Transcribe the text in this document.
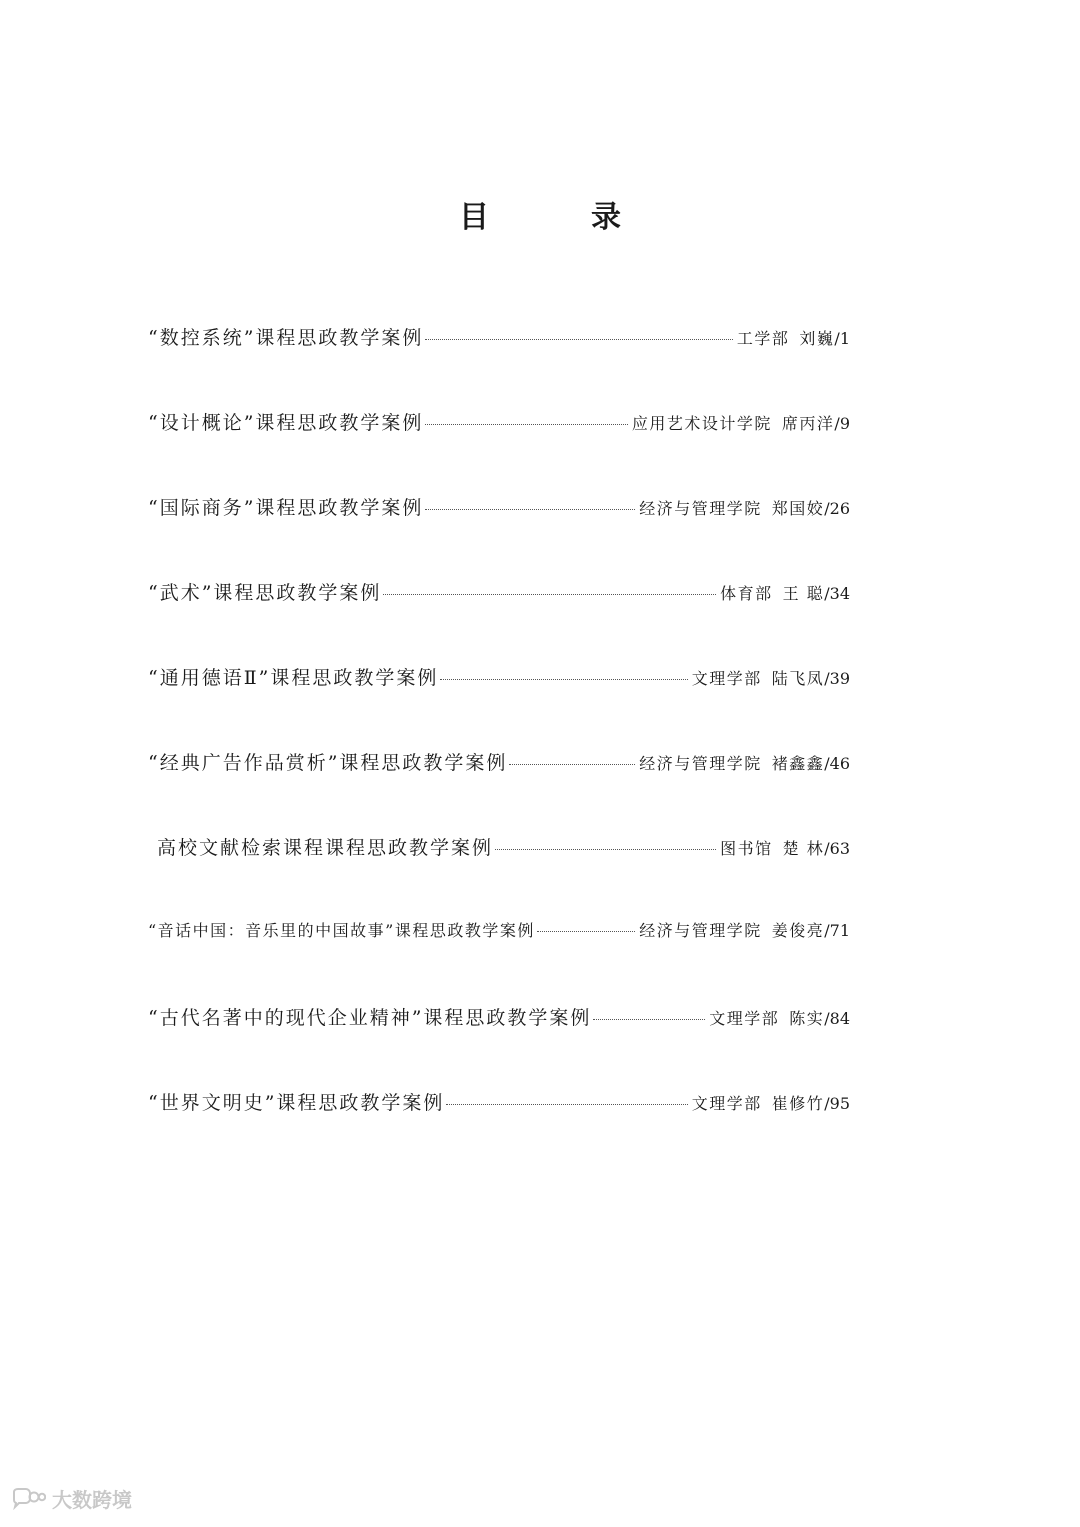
目　录
“数控系统”课程思政教学案例	工学部 刘巍 /1
“设计概论”课程思政教学案例	应用艺术设计学院 席丙洋 /9
“国际商务”课程思政教学案例	经济与管理学院 郑国姣 /26
“武术”课程思政教学案例	体育部 王 聪 /34
“通用德语Ⅱ”课程思政教学案例	文理学部 陆飞凤 /39
“经典广告作品赏析”课程思政教学案例	经济与管理学院 褚鑫鑫 /46
高校文献检索课程课程思政教学案例	图书馆 楚 林 /63
“音话中国：音乐里的中国故事”课程思政教学案例	经济与管理学院 姜俊亮 /71
“古代名著中的现代企业精神”课程思政教学案例	文理学部 陈实 /84
“世界文明史”课程思政教学案例	文理学部 崔修竹 /95
大数跨境
